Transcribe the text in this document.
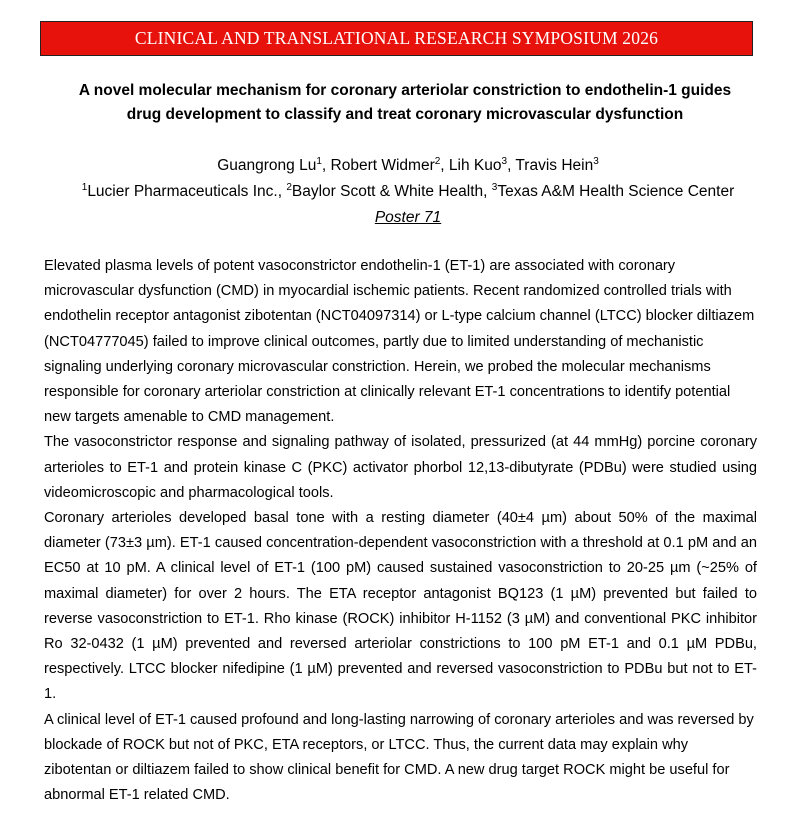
CLINICAL AND TRANSLATIONAL RESEARCH SYMPOSIUM 2026
A novel molecular mechanism for coronary arteriolar constriction to endothelin-1 guides
drug development to classify and treat coronary microvascular dysfunction
Guangrong Lu$^1$, Robert Widmer$^2$, Lih Kuo$^3$, Travis Hein$^3$
$^1$Lucier Pharmaceuticals Inc., $^2$Baylor Scott & White Health, $^3$Texas A&M Health Science Center
Poster 71

Elevated plasma levels of potent vasoconstrictor endothelin-1 (ET-1) are associated with coronary microvascular dysfunction (CMD) in myocardial ischemic patients. Recent randomized controlled trials with endothelin receptor antagonist zibotentan (NCT04097314) or L-type calcium channel (LTCC) blocker diltiazem (NCT04777045) failed to improve clinical outcomes, partly due to limited understanding of mechanistic signaling underlying coronary microvascular constriction. Herein, we probed the molecular mechanisms responsible for coronary arteriolar constriction at clinically relevant ET-1 concentrations to identify potential new targets amenable to CMD management.

The vasoconstrictor response and signaling pathway of isolated, pressurized (at 44 mmHg) porcine coronary arterioles to ET-1 and protein kinase C (PKC) activator phorbol 12,13-dibutyrate (PDBu) were studied using videomicroscopic and pharmacological tools.

Coronary arterioles developed basal tone with a resting diameter (40±4 µm) about 50% of the maximal diameter (73±3 µm). ET-1 caused concentration-dependent vasoconstriction with a threshold at 0.1 pM and an EC50 at 10 pM. A clinical level of ET-1 (100 pM) caused sustained vasoconstriction to 20-25 µm (~25% of maximal diameter) for over 2 hours. The ETA receptor antagonist BQ123 (1 µM) prevented but failed to reverse vasoconstriction to ET-1. Rho kinase (ROCK) inhibitor H-1152 (3 µM) and conventional PKC inhibitor Ro 32-0432 (1 µM) prevented and reversed arteriolar constrictions to 100 pM ET-1 and 0.1 µM PDBu, respectively. LTCC blocker nifedipine (1 µM) prevented and reversed vasoconstriction to PDBu but not to ET-1.

A clinical level of ET-1 caused profound and long-lasting narrowing of coronary arterioles and was reversed by blockade of ROCK but not of PKC, ETA receptors, or LTCC. Thus, the current data may explain why zibotentan or diltiazem failed to show clinical benefit for CMD. A new drug target ROCK might be useful for abnormal ET-1 related CMD.
